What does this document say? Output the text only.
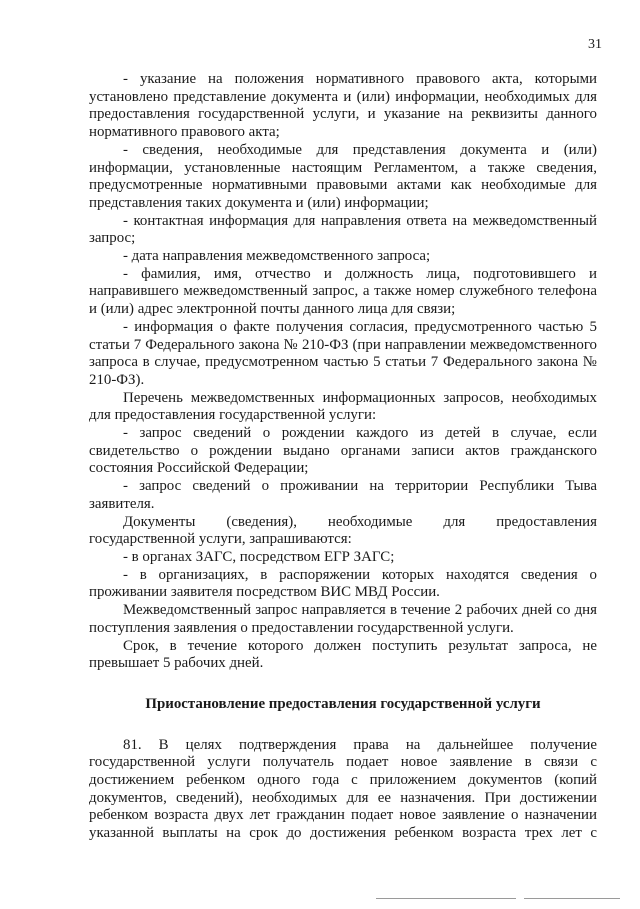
31

- указание на положения нормативного правового акта, которыми установлено представление документа и (или) информации, необходимых для предоставления государственной услуги, и указание на реквизиты данного нормативного правового акта;

- сведения, необходимые для представления документа и (или) информации, установленные настоящим Регламентом, а также сведения, предусмотренные нормативными правовыми актами как необходимые для представления таких документа и (или) информации;

- контактная информация для направления ответа на межведомственный запрос;

- дата направления межведомственного запроса;

- фамилия, имя, отчество и должность лица, подготовившего и направившего межведомственный запрос, а также номер служебного телефона и (или) адрес электронной почты данного лица для связи;

- информация о факте получения согласия, предусмотренного частью 5 статьи 7 Федерального закона № 210-ФЗ (при направлении межведомственного запроса в случае, предусмотренном частью 5 статьи 7 Федерального закона № 210-ФЗ).

Перечень межведомственных информационных запросов, необходимых для предоставления государственной услуги:

- запрос сведений о рождении каждого из детей в случае, если свидетельство о рождении выдано органами записи актов гражданского состояния Российской Федерации;

- запрос сведений о проживании на территории Республики Тыва заявителя.

Документы (сведения), необходимые для предоставления государственной услуги, запрашиваются:

- в органах ЗАГС, посредством ЕГР ЗАГС;

- в организациях, в распоряжении которых находятся сведения о проживании заявителя посредством ВИС МВД России.

Межведомственный запрос направляется в течение 2 рабочих дней со дня поступления заявления о предоставлении государственной услуги.

Срок, в течение которого должен поступить результат запроса, не превышает 5 рабочих дней.

Приостановление предоставления государственной услуги

81. В целях подтверждения права на дальнейшее получение государственной услуги получатель подает новое заявление в связи с достижением ребенком одного года с приложением документов (копий документов, сведений), необходимых для ее назначения. При достижении ребенком возраста двух лет гражданин подает новое заявление о назначении указанной выплаты на срок до достижения ребенком возраста трех лет с
